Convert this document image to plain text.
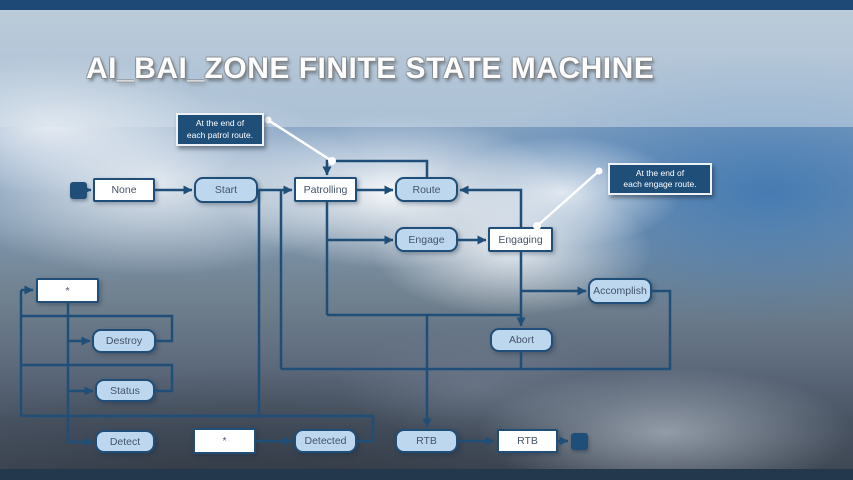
AI_BAI_ZONE FINITE STATE MACHINE
None	Start	Patrolling	Route
Engage	Engaging
Accomplish
Abort
*
Destroy
Status
Detect	*	Detected	RTB	RTB
At the end of
each patrol route.
At the end of
each engage route.
